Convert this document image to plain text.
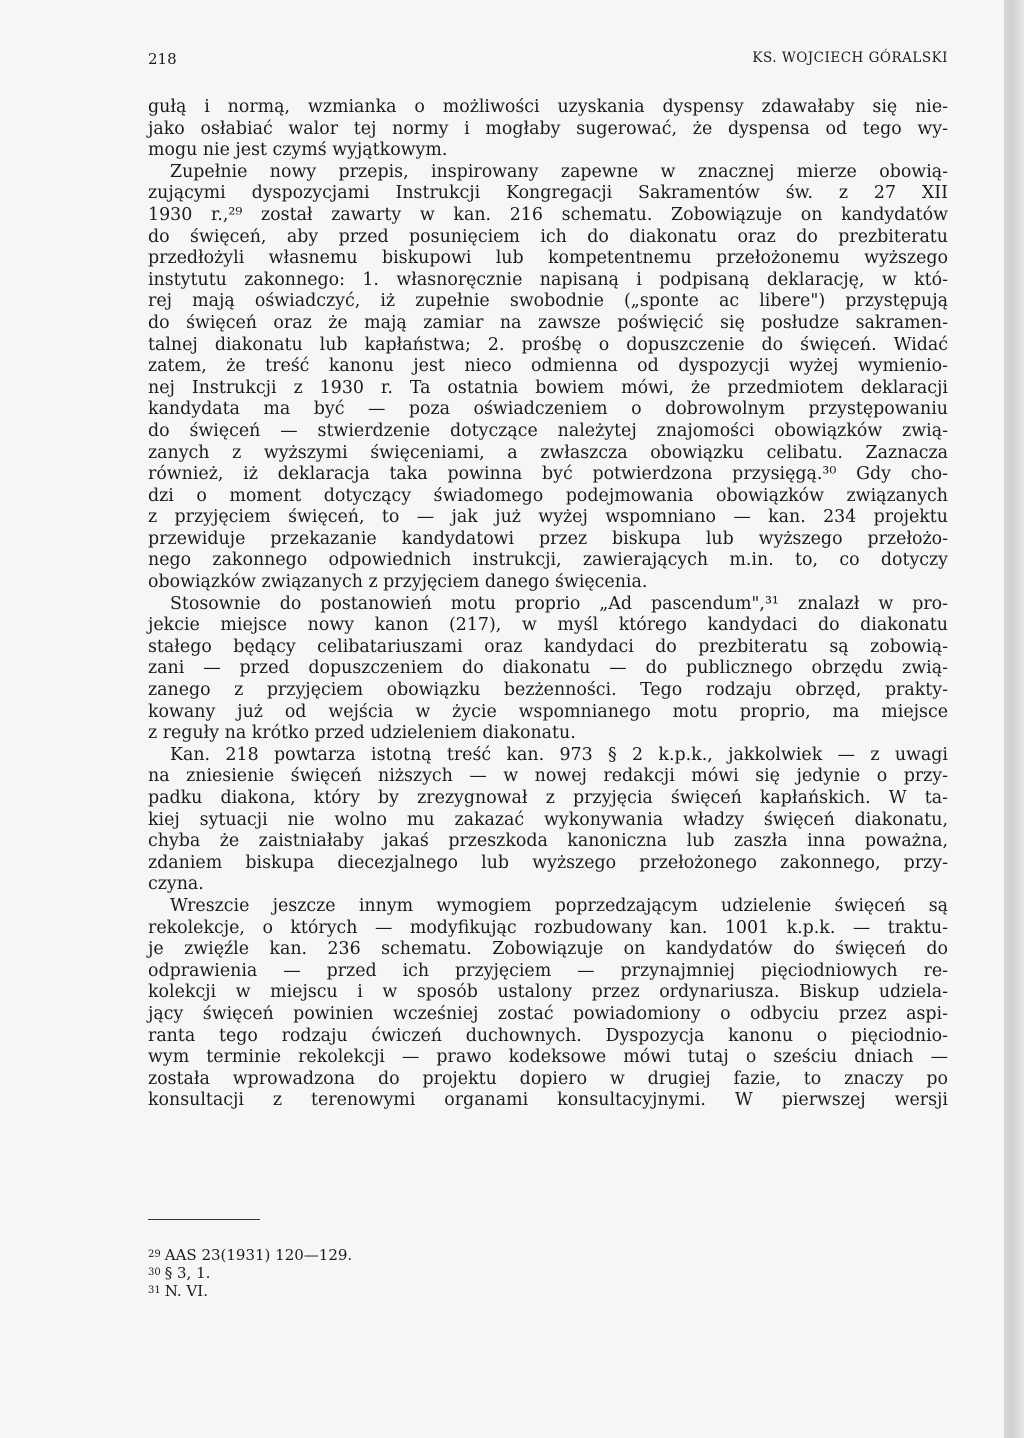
218	KS. WOJCIECH GÓRALSKI
gułą i normą, wzmianka o możliwości uzyskania dyspensy zdawałaby się nie-
jako osłabiać walor tej normy i mogłaby sugerować, że dyspensa od tego wy-
mogu nie jest czymś wyjątkowym.
Zupełnie nowy przepis, inspirowany zapewne w znacznej mierze obowią-
zującymi dyspozycjami Instrukcji Kongregacji Sakramentów św. z 27 XII
1930 r.,²⁹ został zawarty w kan. 216 schematu. Zobowiązuje on kandydatów
do święceń, aby przed posunięciem ich do diakonatu oraz do prezbiteratu
przedłożyli własnemu biskupowi lub kompetentnemu przełożonemu wyższego
instytutu zakonnego: 1. własnoręcznie napisaną i podpisaną deklarację, w któ-
rej mają oświadczyć, iż zupełnie swobodnie („sponte ac libere") przystępują
do święceń oraz że mają zamiar na zawsze poświęcić się posłudze sakramen-
talnej diakonatu lub kapłaństwa; 2. prośbę o dopuszczenie do święceń. Widać
zatem, że treść kanonu jest nieco odmienna od dyspozycji wyżej wymienio-
nej Instrukcji z 1930 r. Ta ostatnia bowiem mówi, że przedmiotem deklaracji
kandydata ma być — poza oświadczeniem o dobrowolnym przystępowaniu
do święceń — stwierdzenie dotyczące należytej znajomości obowiązków zwią-
zanych z wyższymi święceniami, a zwłaszcza obowiązku celibatu. Zaznacza
również, iż deklaracja taka powinna być potwierdzona przysięgą.³⁰ Gdy cho-
dzi o moment dotyczący świadomego podejmowania obowiązków związanych
z przyjęciem święceń, to — jak już wyżej wspomniano — kan. 234 projektu
przewiduje przekazanie kandydatowi przez biskupa lub wyższego przełożo-
nego zakonnego odpowiednich instrukcji, zawierających m.in. to, co dotyczy
obowiązków związanych z przyjęciem danego święcenia.
Stosownie do postanowień motu proprio „Ad pascendum",³¹ znalazł w pro-
jekcie miejsce nowy kanon (217), w myśl którego kandydaci do diakonatu
stałego będący celibatariuszami oraz kandydaci do prezbiteratu są zobowią-
zani — przed dopuszczeniem do diakonatu — do publicznego obrzędu zwią-
zanego z przyjęciem obowiązku bezżenności. Tego rodzaju obrzęd, prakty-
kowany już od wejścia w życie wspomnianego motu proprio, ma miejsce
z reguły na krótko przed udzieleniem diakonatu.
Kan. 218 powtarza istotną treść kan. 973 § 2 k.p.k., jakkolwiek — z uwagi
na zniesienie święceń niższych — w nowej redakcji mówi się jedynie o przy-
padku diakona, który by zrezygnował z przyjęcia święceń kapłańskich. W ta-
kiej sytuacji nie wolno mu zakazać wykonywania władzy święceń diakonatu,
chyba że zaistniałaby jakaś przeszkoda kanoniczna lub zaszła inna poważna,
zdaniem biskupa diecezjalnego lub wyższego przełożonego zakonnego, przy-
czyna.
Wreszcie jeszcze innym wymogiem poprzedzającym udzielenie święceń są
rekolekcje, o których — modyfikując rozbudowany kan. 1001 k.p.k. — traktu-
je zwięźle kan. 236 schematu. Zobowiązuje on kandydatów do święceń do
odprawienia — przed ich przyjęciem — przynajmniej pięciodniowych re-
kolekcji w miejscu i w sposób ustalony przez ordynariusza. Biskup udziela-
jący święceń powinien wcześniej zostać powiadomiony o odbyciu przez aspi-
ranta tego rodzaju ćwiczeń duchownych. Dyspozycja kanonu o pięciodnio-
wym terminie rekolekcji — prawo kodeksowe mówi tutaj o sześciu dniach —
została wprowadzona do projektu dopiero w drugiej fazie, to znaczy po
konsultacji z terenowymi organami konsultacyjnymi. W pierwszej wersji
$^{29}$ AAS 23(1931) 120—129.
$^{30}$ § 3, 1.
$^{31}$ N. VI.
